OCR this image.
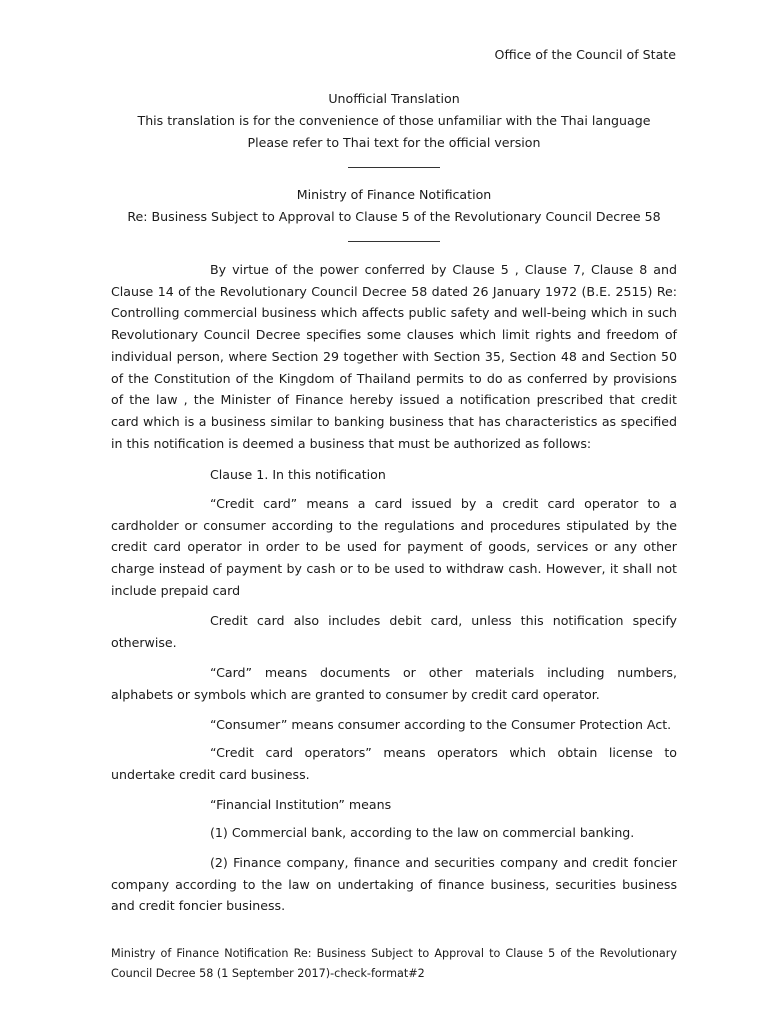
Office of the Council of State
Unofficial Translation
This translation is for the convenience of those unfamiliar with the Thai language
Please refer to Thai text for the official version
Ministry of Finance Notification
Re: Business Subject to Approval to Clause 5 of the Revolutionary Council Decree 58
By virtue of the power conferred by Clause 5 , Clause 7, Clause 8 and Clause 14 of the Revolutionary Council Decree 58 dated 26 January 1972 (B.E. 2515) Re: Controlling commercial business which affects public safety and well-being which in such Revolutionary Council Decree specifies some clauses which limit rights and freedom of individual person, where Section 29 together with Section 35, Section 48 and Section 50 of the Constitution of the Kingdom of Thailand permits to do as conferred by provisions of the law , the Minister of Finance hereby issued a notification prescribed that credit card which is a business similar to banking business that has characteristics as specified in this notification is deemed a business that must be authorized as follows:
Clause 1. In this notification
“Credit card” means a card issued by a credit card operator to a cardholder or consumer according to the regulations and procedures stipulated by the credit card operator in order to be used for payment of goods, services or any other charge instead of payment by cash or to be used to withdraw cash. However, it shall not include prepaid card
Credit card also includes debit card, unless this notification specify otherwise.
“Card” means documents or other materials including numbers, alphabets or symbols which are granted to consumer by credit card operator.
“Consumer” means consumer according to the Consumer Protection Act.
“Credit card operators” means operators which obtain license to undertake credit card business.
“Financial Institution” means
(1) Commercial bank, according to the law on commercial banking.
(2) Finance company, finance and securities company and credit foncier company according to the law on undertaking of finance business, securities business and credit foncier business.
Ministry of Finance Notification Re: Business Subject to Approval to Clause 5 of the Revolutionary Council Decree 58 (1 September 2017)-check-format#2
